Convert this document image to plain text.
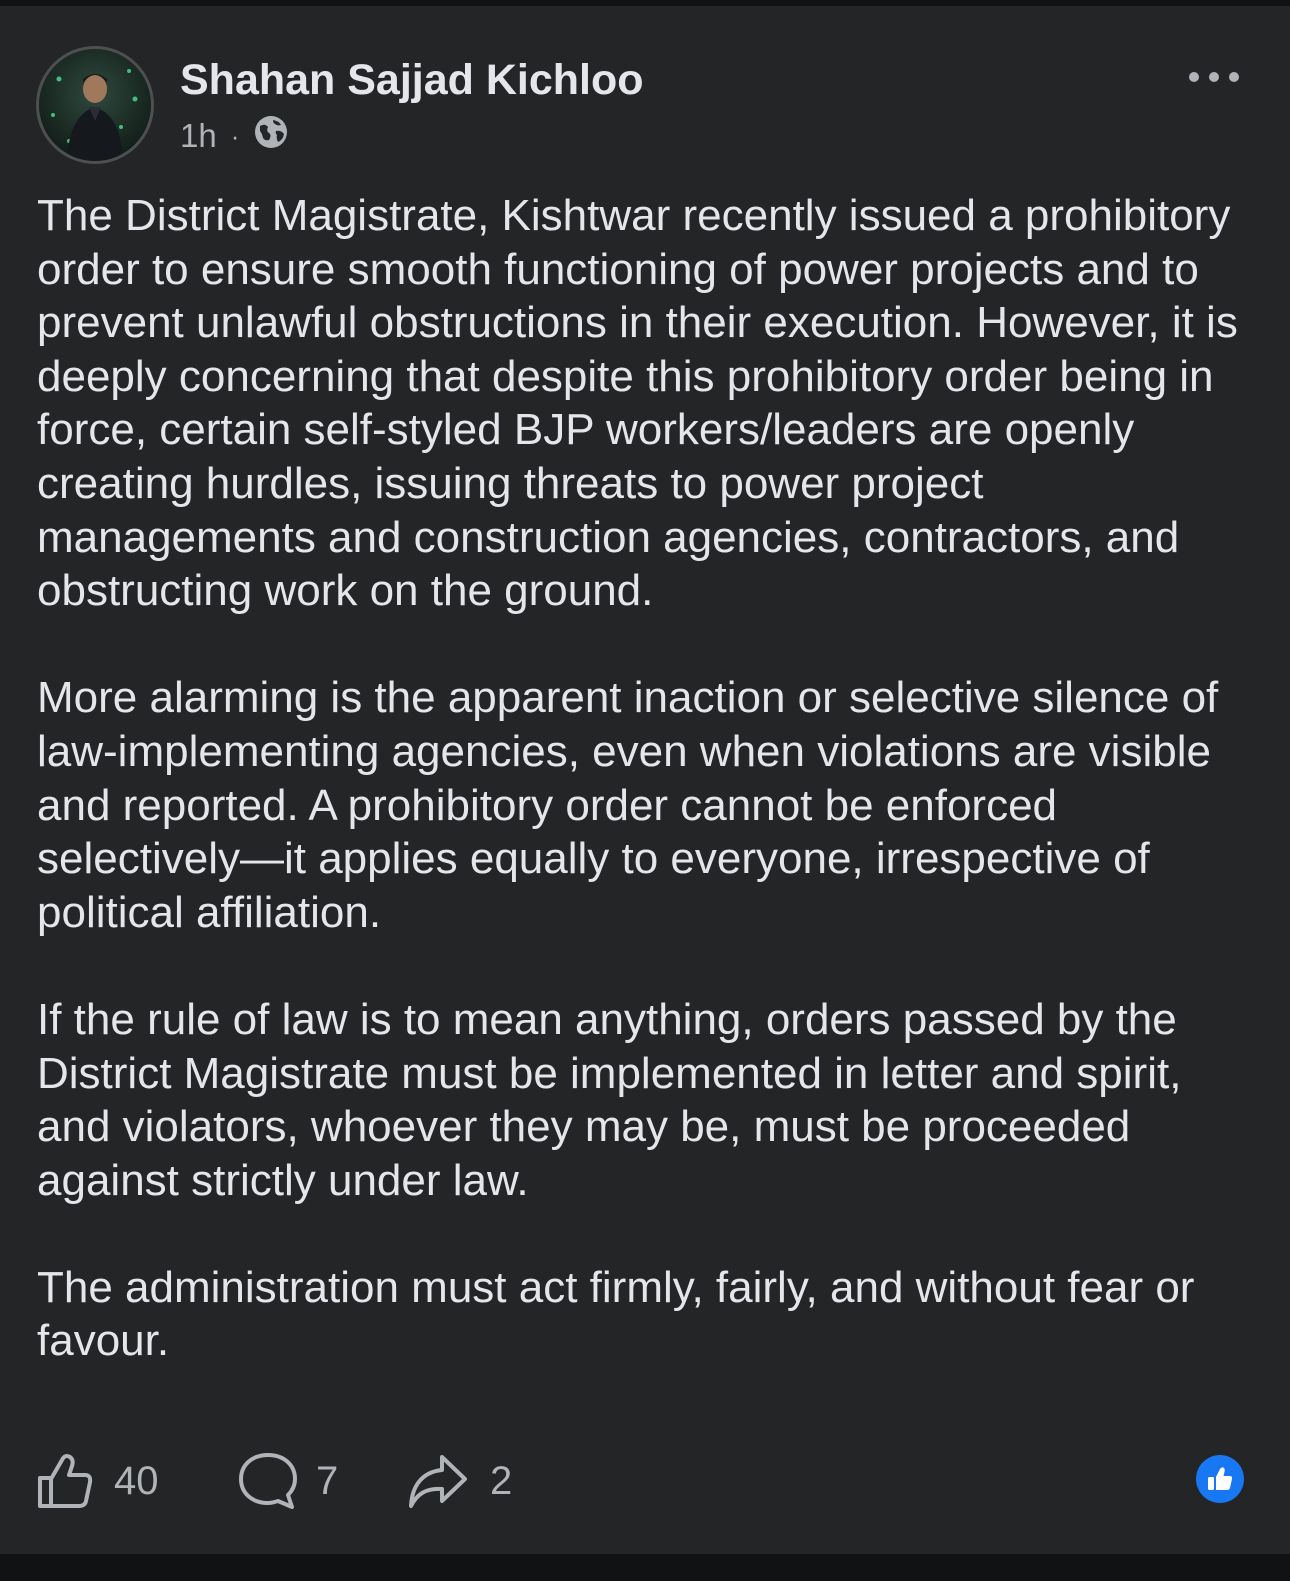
Shahan Sajjad Kichloo
1h ·

The District Magistrate, Kishtwar recently issued a prohibitory order to ensure smooth functioning of power projects and to prevent unlawful obstructions in their execution. However, it is deeply concerning that despite this prohibitory order being in force, certain self-styled BJP workers/leaders are openly creating hurdles, issuing threats to power project managements and construction agencies, contractors, and obstructing work on the ground.

More alarming is the apparent inaction or selective silence of law-implementing agencies, even when violations are visible and reported. A prohibitory order cannot be enforced selectively—it applies equally to everyone, irrespective of political affiliation.

If the rule of law is to mean anything, orders passed by the District Magistrate must be implemented in letter and spirit, and violators, whoever they may be, must be proceeded against strictly under law.

The administration must act firmly, fairly, and without fear or favour.

40	7	2
